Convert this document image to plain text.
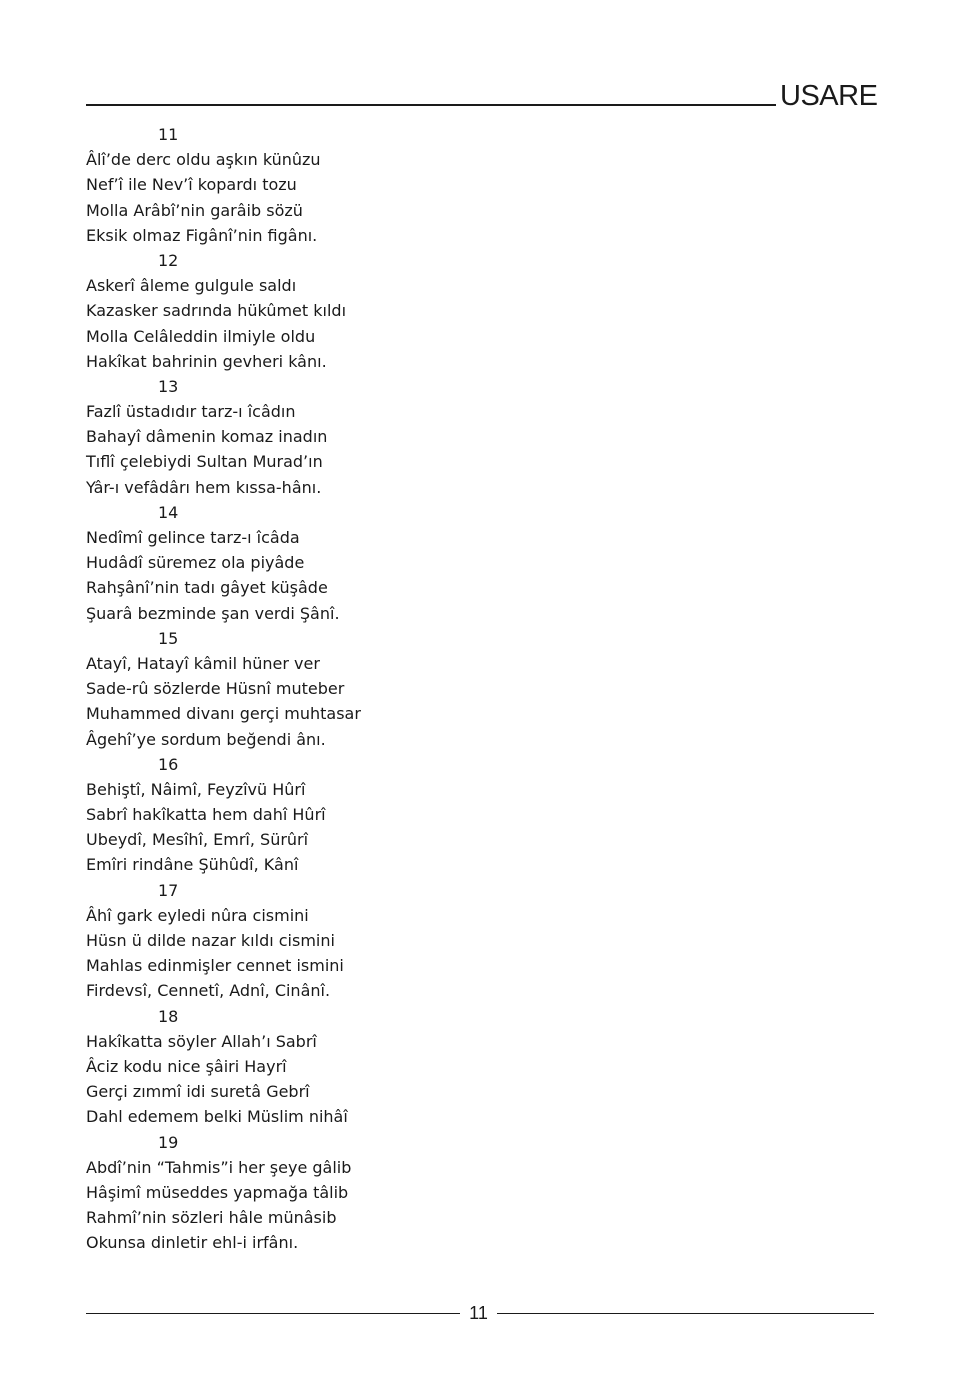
USARE
11
Âlî’de derc oldu aşkın künûzu
Nef’î ile Nev’î kopardı tozu
Molla Arâbî’nin garâib sözü
Eksik olmaz Figânî’nin figânı.
12
Askerî âleme gulgule saldı
Kazasker sadrında hükûmet kıldı
Molla Celâleddin ilmiyle oldu
Hakîkat bahrinin gevheri kânı.
13
Fazlî üstadıdır tarz-ı îcâdın
Bahayî dâmenin komaz inadın
Tıflî çelebiydi Sultan Murad’ın
Yâr-ı vefâdârı hem kıssa-hânı.
14
Nedîmî gelince tarz-ı îcâda
Hudâdî süremez ola piyâde
Rahşânî’nin tadı gâyet küşâde
Şuarâ bezminde şan verdi Şânî.
15
Atayî, Hatayî kâmil hüner ver
Sade-rû sözlerde Hüsnî muteber
Muhammed divanı gerçi muhtasar
Âgehî’ye sordum beğendi ânı.
16
Behiştî, Nâimî, Feyzîvü Hûrî
Sabrî hakîkatta hem dahî Hûrî
Ubeydî, Mesîhî, Emrî, Sürûrî
Emîri rindâne Şühûdî, Kânî
17
Âhî gark eyledi nûra cismini
Hüsn ü dilde nazar kıldı cismini
Mahlas edinmişler cennet ismini
Firdevsî, Cennetî, Adnî, Cinânî.
18
Hakîkatta söyler Allah’ı Sabrî
Âciz kodu nice şâiri Hayrî
Gerçi zımmî idi suretâ Gebrî
Dahl edemem belki Müslim nihâî
19
Abdî’nin “Tahmis”i her şeye gâlib
Hâşimî müseddes yapmağa tâlib
Rahmî’nin sözleri hâle münâsib
Okunsa dinletir ehl-i irfânı.
11
